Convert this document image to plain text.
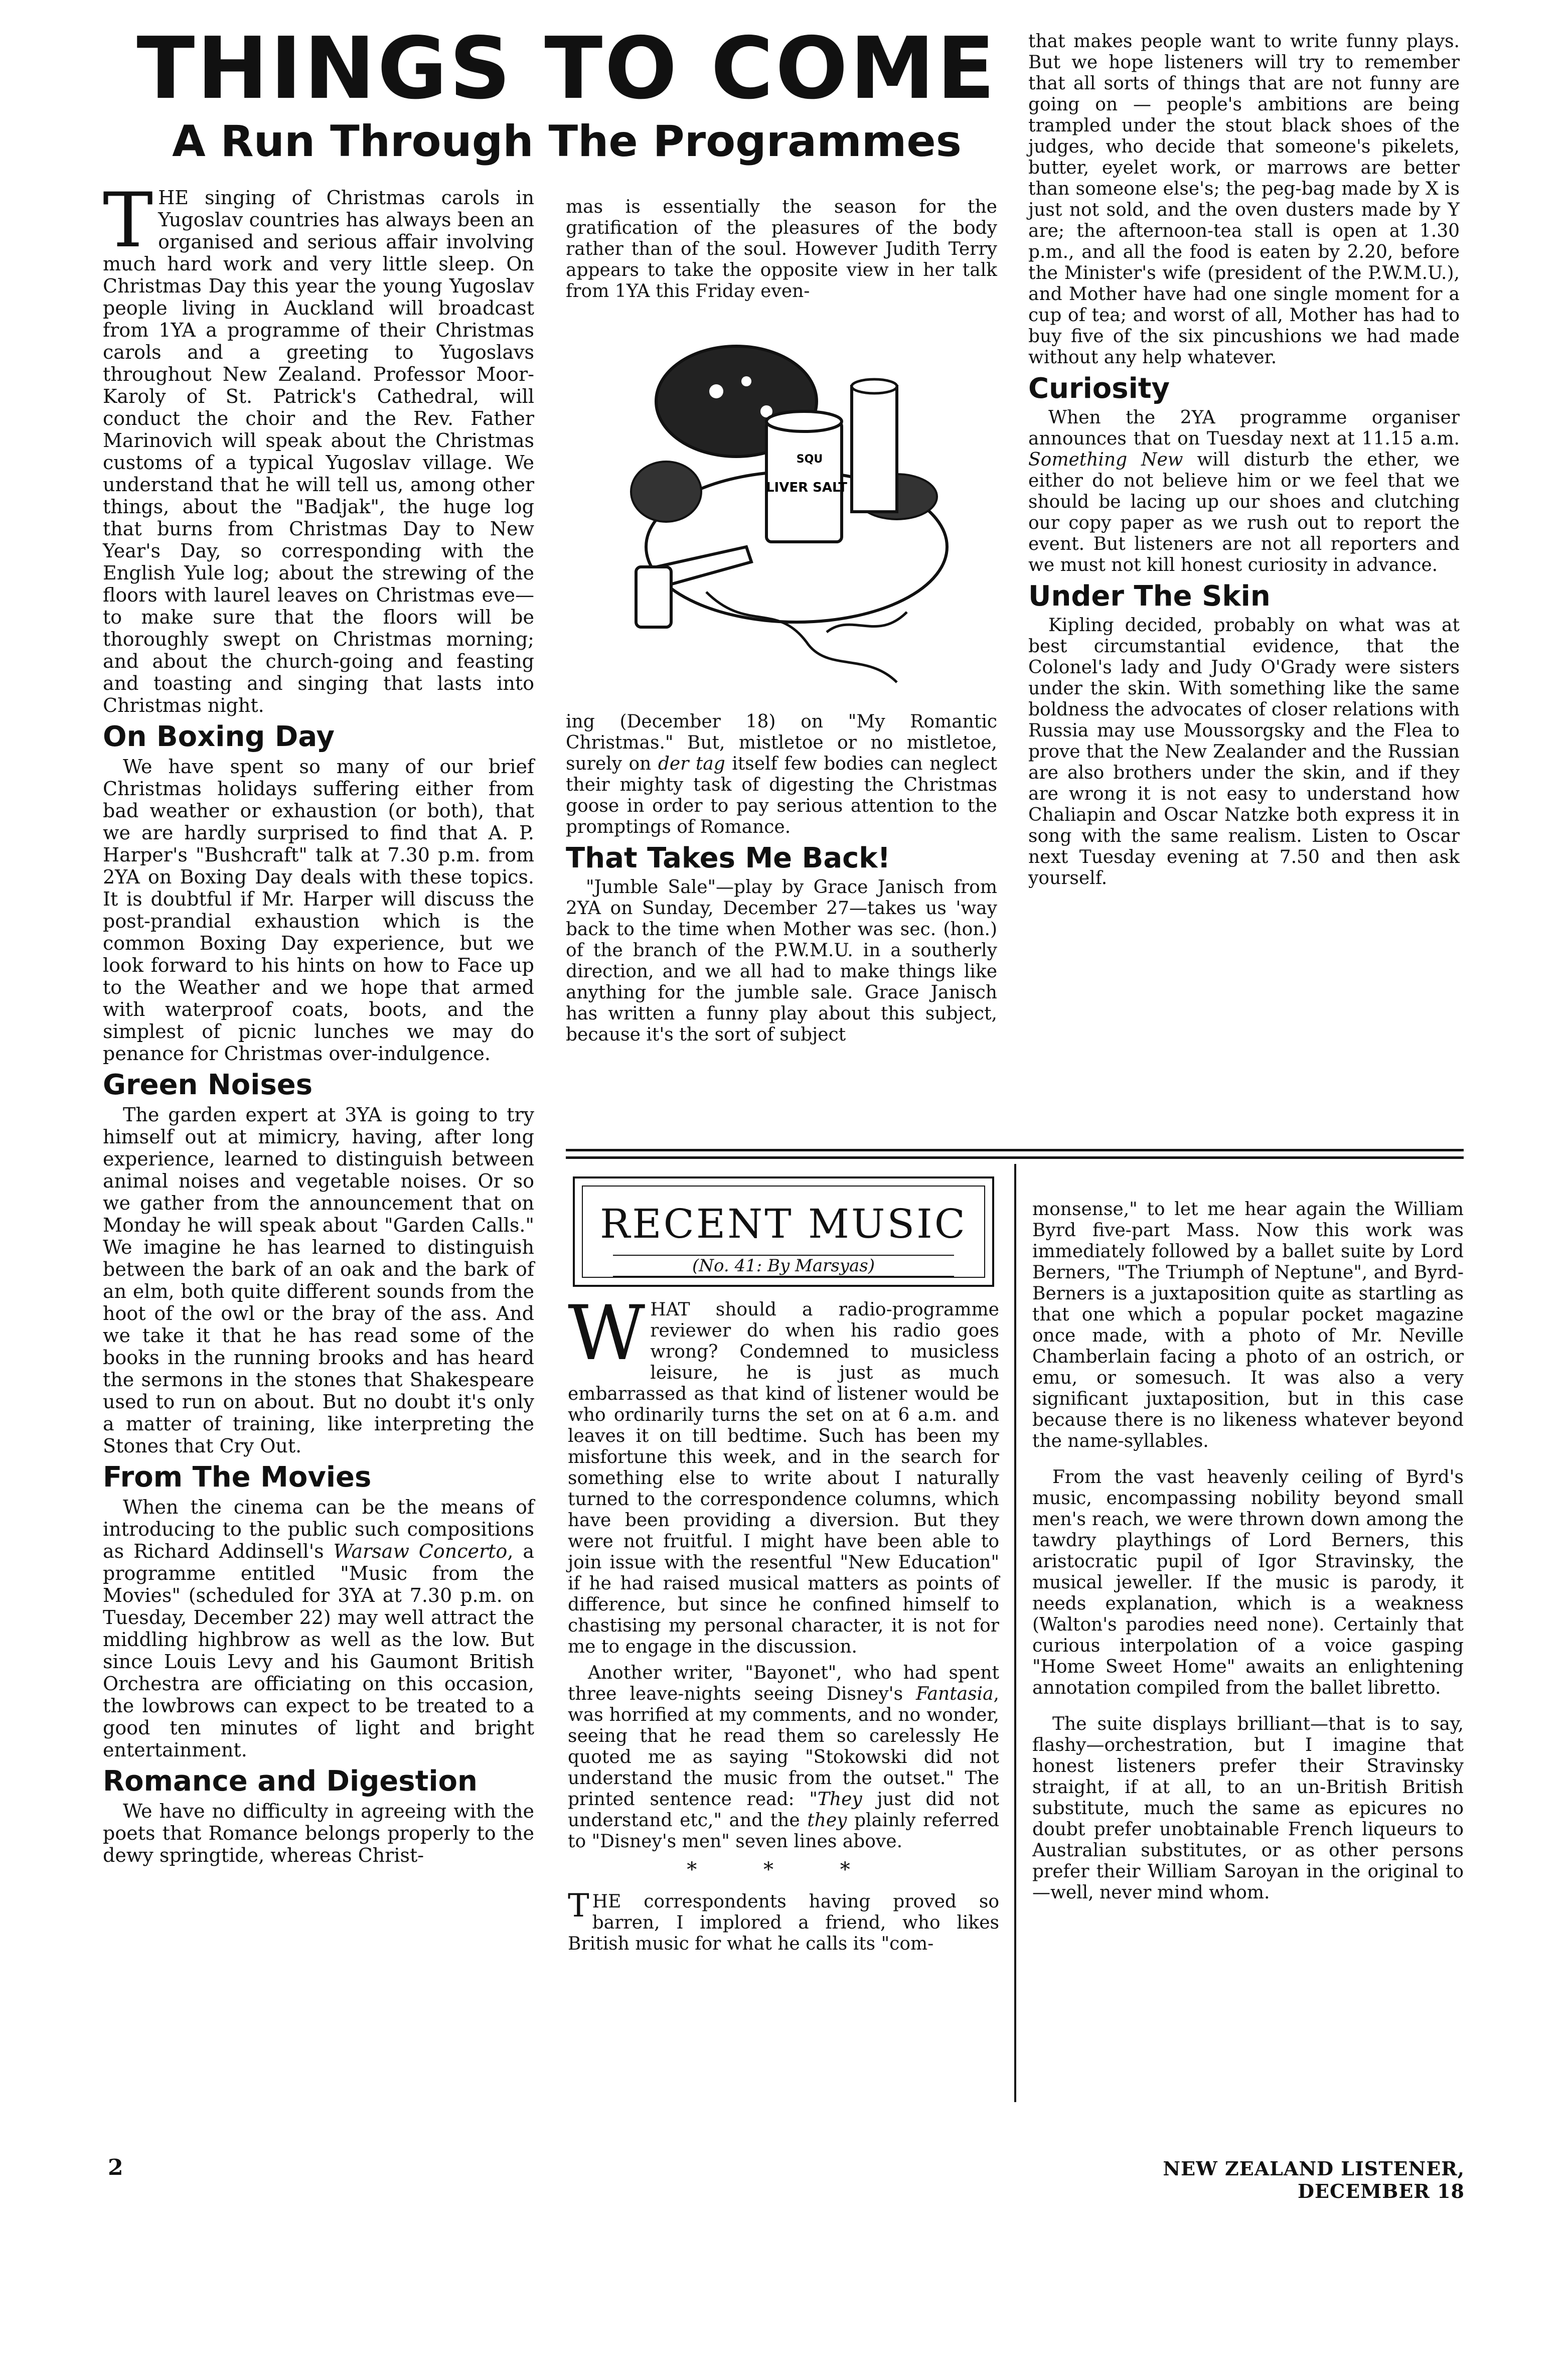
THINGS TO COME
A Run Through The Programmes

THE singing of Christmas carols in Yugoslav countries has always been an organised and serious affair involving much hard work and very little sleep. On Christmas Day this year the young Yugoslav people living in Auckland will broadcast from 1YA a programme of their Christmas carols and a greeting to Yugoslavs throughout New Zealand. Professor Moor-Karoly of St. Patrick's Cathedral, will conduct the choir and the Rev. Father Marinovich will speak about the Christmas customs of a typical Yugoslav village. We understand that he will tell us, among other things, about the "Badjak", the huge log that burns from Christmas Day to New Year's Day, so corresponding with the English Yule log; about the strewing of the floors with laurel leaves on Christmas eve—to make sure that the floors will be thoroughly swept on Christmas morning; and about the church-going and feasting and toasting and singing that lasts into Christmas night.

On Boxing Day

We have spent so many of our brief Christmas holidays suffering either from bad weather or exhaustion (or both), that we are hardly surprised to find that A. P. Harper's "Bushcraft" talk at 7.30 p.m. from 2YA on Boxing Day deals with these topics. It is doubtful if Mr. Harper will discuss the post-prandial exhaustion which is the common Boxing Day experience, but we look forward to his hints on how to Face up to the Weather and we hope that armed with waterproof coats, boots, and the simplest of picnic lunches we may do penance for Christmas over-indulgence.

Green Noises

The garden expert at 3YA is going to try himself out at mimicry, having, after long experience, learned to distinguish between animal noises and vegetable noises. Or so we gather from the announcement that on Monday he will speak about "Garden Calls." We imagine he has learned to distinguish between the bark of an oak and the bark of an elm, both quite different sounds from the hoot of the owl or the bray of the ass. And we take it that he has read some of the books in the running brooks and has heard the sermons in the stones that Shakespeare used to run on about. But no doubt it's only a matter of training, like interpreting the Stones that Cry Out.

From The Movies

When the cinema can be the means of introducing to the public such compositions as Richard Addinsell's Warsaw Concerto, a programme entitled "Music from the Movies" (scheduled for 3YA at 7.30 p.m. on Tuesday, December 22) may well attract the middling highbrow as well as the low. But since Louis Levy and his Gaumont British Orchestra are officiating on this occasion, the lowbrows can expect to be treated to a good ten minutes of light and bright entertainment.

Romance and Digestion

We have no difficulty in agreeing with the poets that Romance belongs properly to the dewy springtide, whereas Christ-

mas is essentially the season for the gratification of the pleasures of the body rather than of the soul. However Judith Terry appears to take the opposite view in her talk from 1YA this Friday even-

SQU
LIVER SALT

ing (December 18) on "My Romantic Christmas." But, mistletoe or no mistletoe, surely on der tag itself few bodies can neglect their mighty task of digesting the Christmas goose in order to pay serious attention to the promptings of Romance.

That Takes Me Back!

"Jumble Sale"—play by Grace Janisch from 2YA on Sunday, December 27—takes us 'way back to the time when Mother was sec. (hon.) of the branch of the P.W.M.U. in a southerly direction, and we all had to make things like anything for the jumble sale. Grace Janisch has written a funny play about this subject, because it's the sort of subject

that makes people want to write funny plays. But we hope listeners will try to remember that all sorts of things that are not funny are going on — people's ambitions are being trampled under the stout black shoes of the judges, who decide that someone's pikelets, butter, eyelet work, or marrows are better than someone else's; the peg-bag made by X is just not sold, and the oven dusters made by Y are; the afternoon-tea stall is open at 1.30 p.m., and all the food is eaten by 2.20, before the Minister's wife (president of the P.W.M.U.), and Mother have had one single moment for a cup of tea; and worst of all, Mother has had to buy five of the six pincushions we had made without any help whatever.

Curiosity

When the 2YA programme organiser announces that on Tuesday next at 11.15 a.m. Something New will disturb the ether, we either do not believe him or we feel that we should be lacing up our shoes and clutching our copy paper as we rush out to report the event. But listeners are not all reporters and we must not kill honest curiosity in advance.

Under The Skin

Kipling decided, probably on what was at best circumstantial evidence, that the Colonel's lady and Judy O'Grady were sisters under the skin. With something like the same boldness the advocates of closer relations with Russia may use Moussorgsky and the Flea to prove that the New Zealander and the Russian are also brothers under the skin, and if they are wrong it is not easy to understand how Chaliapin and Oscar Natzke both express it in song with the same realism. Listen to Oscar next Tuesday evening at 7.50 and then ask yourself.

RECENT MUSIC
(No. 41: By Marsyas)

WHAT should a radio-programme reviewer do when his radio goes wrong? Condemned to musicless leisure, he is just as much embarrassed as that kind of listener would be who ordinarily turns the set on at 6 a.m. and leaves it on till bedtime. Such has been my misfortune this week, and in the search for something else to write about I naturally turned to the correspondence columns, which have been providing a diversion. But they were not fruitful. I might have been able to join issue with the resentful "New Education" if he had raised musical matters as points of difference, but since he confined himself to chastising my personal character, it is not for me to engage in the discussion.

Another writer, "Bayonet", who had spent three leave-nights seeing Disney's Fantasia, was horrified at my comments, and no wonder, seeing that he read them so carelessly He quoted me as saying "Stokowski did not understand the music from the outset." The printed sentence read: "They just did not understand etc," and the they plainly referred to "Disney's men" seven lines above.

* * *

THE correspondents having proved so barren, I implored a friend, who likes British music for what he calls its "com-

monsense," to let me hear again the William Byrd five-part Mass. Now this work was immediately followed by a ballet suite by Lord Berners, "The Triumph of Neptune", and Byrd-Berners is a juxtaposition quite as startling as that one which a popular pocket magazine once made, with a photo of Mr. Neville Chamberlain facing a photo of an ostrich, or emu, or somesuch. It was also a very significant juxtaposition, but in this case because there is no likeness whatever beyond the name-syllables.

From the vast heavenly ceiling of Byrd's music, encompassing nobility beyond small men's reach, we were thrown down among the tawdry playthings of Lord Berners, this aristocratic pupil of Igor Stravinsky, the musical jeweller. If the music is parody, it needs explanation, which is a weakness (Walton's parodies need none). Certainly that curious interpolation of a voice gasping "Home Sweet Home" awaits an enlightening annotation compiled from the ballet libretto.

The suite displays brilliant—that is to say, flashy—orchestration, but I imagine that honest listeners prefer their Stravinsky straight, if at all, to an un-British British substitute, much the same as epicures no doubt prefer unobtainable French liqueurs to Australian substitutes, or as other persons prefer their William Saroyan in the original to—well, never mind whom.

2	NEW ZEALAND LISTENER, DECEMBER 18
